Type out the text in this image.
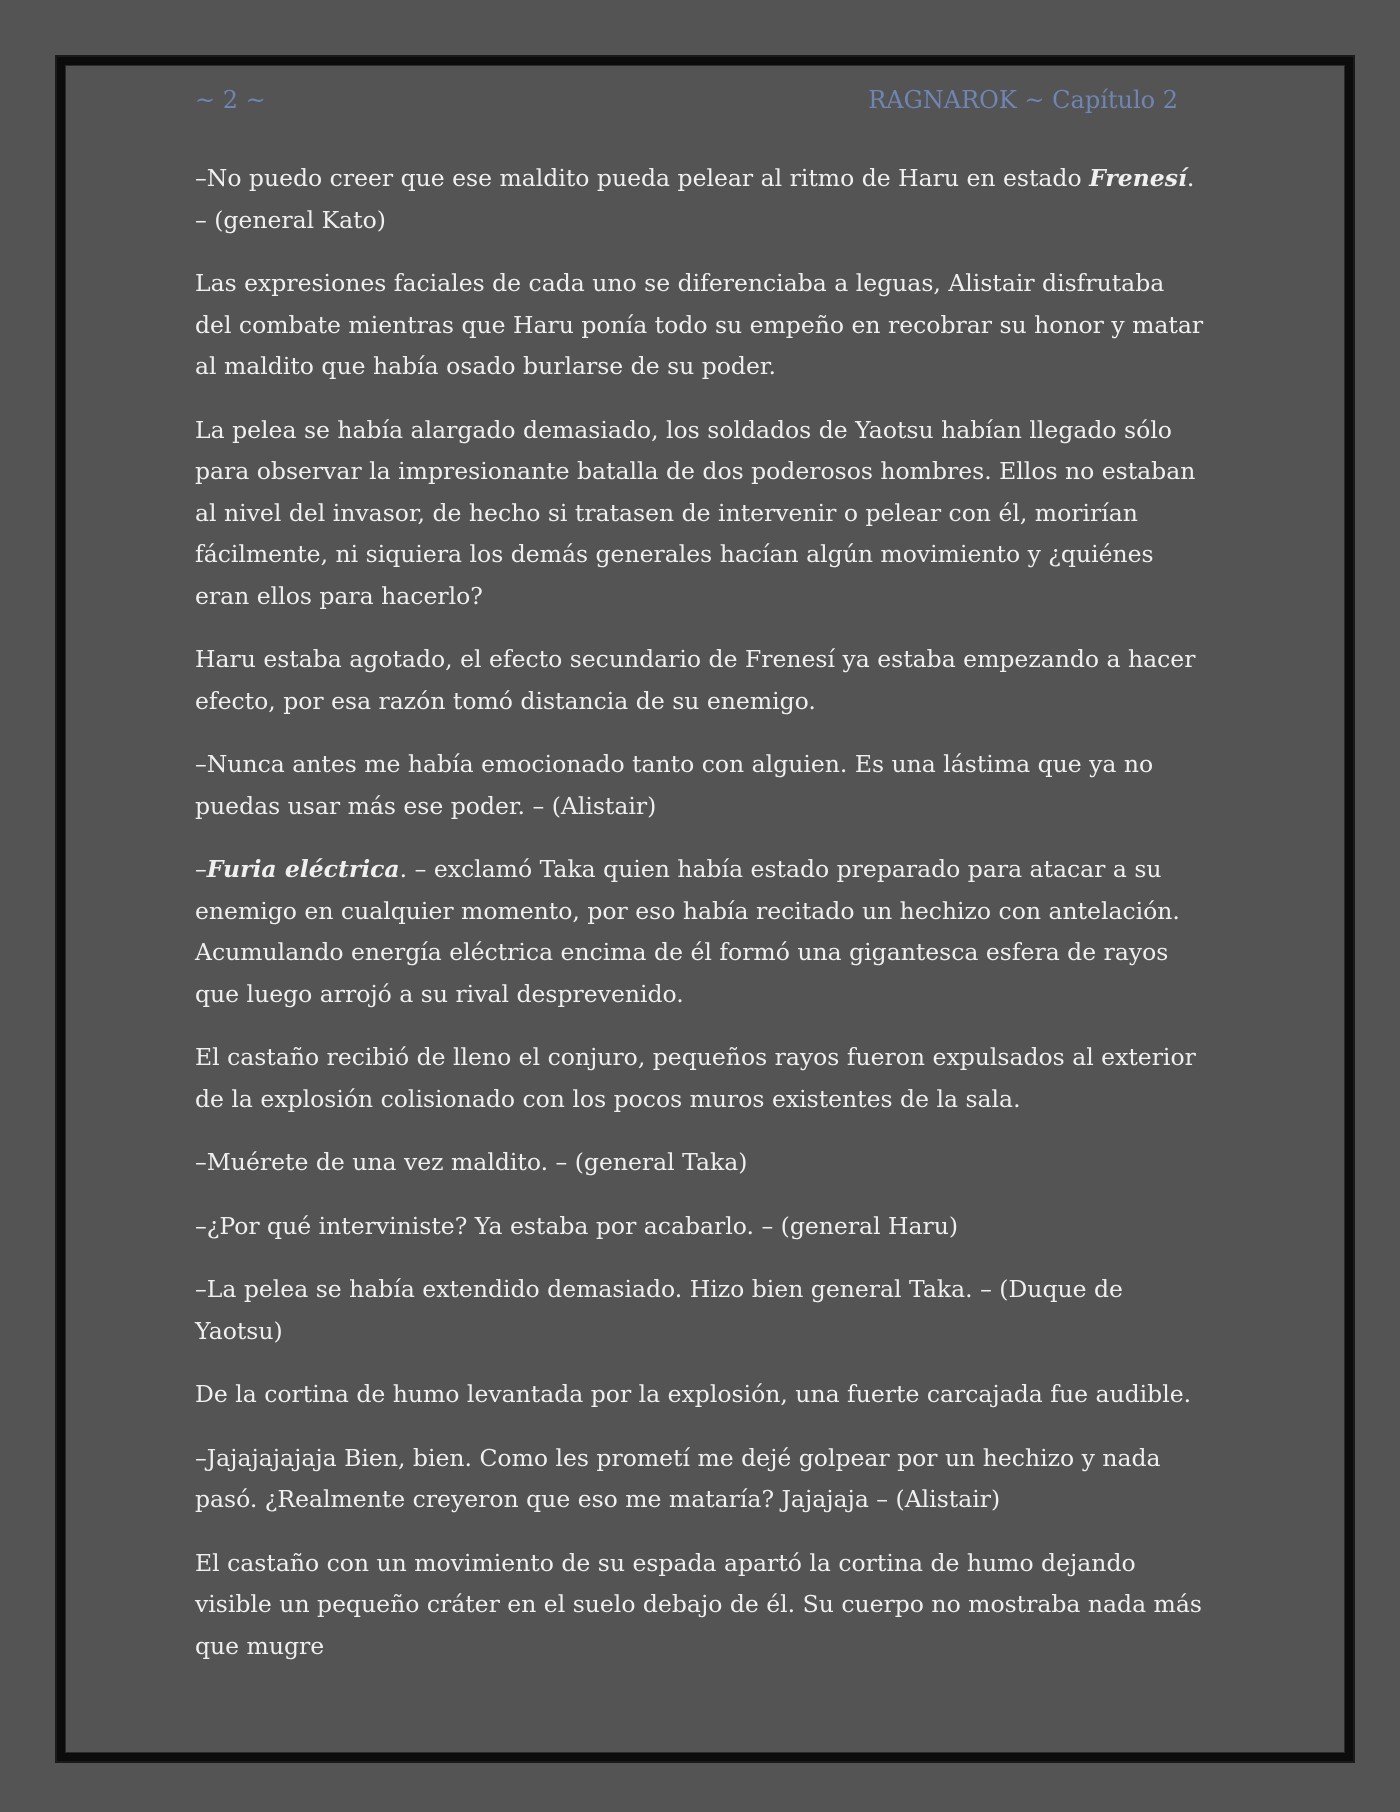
~ 2 ~	RAGNAROK ~ Capítulo 2

–No puedo creer que ese maldito pueda pelear al ritmo de Haru en estado Frenesí. – (general Kato)

Las expresiones faciales de cada uno se diferenciaba a leguas, Alistair disfrutaba del combate mientras que Haru ponía todo su empeño en recobrar su honor y matar al maldito que había osado burlarse de su poder.

La pelea se había alargado demasiado, los soldados de Yaotsu habían llegado sólo para observar la impresionante batalla de dos poderosos hombres. Ellos no estaban al nivel del invasor, de hecho si tratasen de intervenir o pelear con él, morirían fácilmente, ni siquiera los demás generales hacían algún movimiento y ¿quiénes eran ellos para hacerlo?

Haru estaba agotado, el efecto secundario de Frenesí ya estaba empezando a hacer efecto, por esa razón tomó distancia de su enemigo.

–Nunca antes me había emocionado tanto con alguien. Es una lástima que ya no puedas usar más ese poder. – (Alistair)

–Furia eléctrica. – exclamó Taka quien había estado preparado para atacar a su enemigo en cualquier momento, por eso había recitado un hechizo con antelación. Acumulando energía eléctrica encima de él formó una gigantesca esfera de rayos que luego arrojó a su rival desprevenido.

El castaño recibió de lleno el conjuro, pequeños rayos fueron expulsados al exterior de la explosión colisionado con los pocos muros existentes de la sala.

–Muérete de una vez maldito. – (general Taka)

–¿Por qué interviniste? Ya estaba por acabarlo. – (general Haru)

–La pelea se había extendido demasiado. Hizo bien general Taka. – (Duque de Yaotsu)

De la cortina de humo levantada por la explosión, una fuerte carcajada fue audible.

–Jajajajajaja Bien, bien. Como les prometí me dejé golpear por un hechizo y nada pasó. ¿Realmente creyeron que eso me mataría? Jajajaja – (Alistair)

El castaño con un movimiento de su espada apartó la cortina de humo dejando visible un pequeño cráter en el suelo debajo de él. Su cuerpo no mostraba nada más que mugre
